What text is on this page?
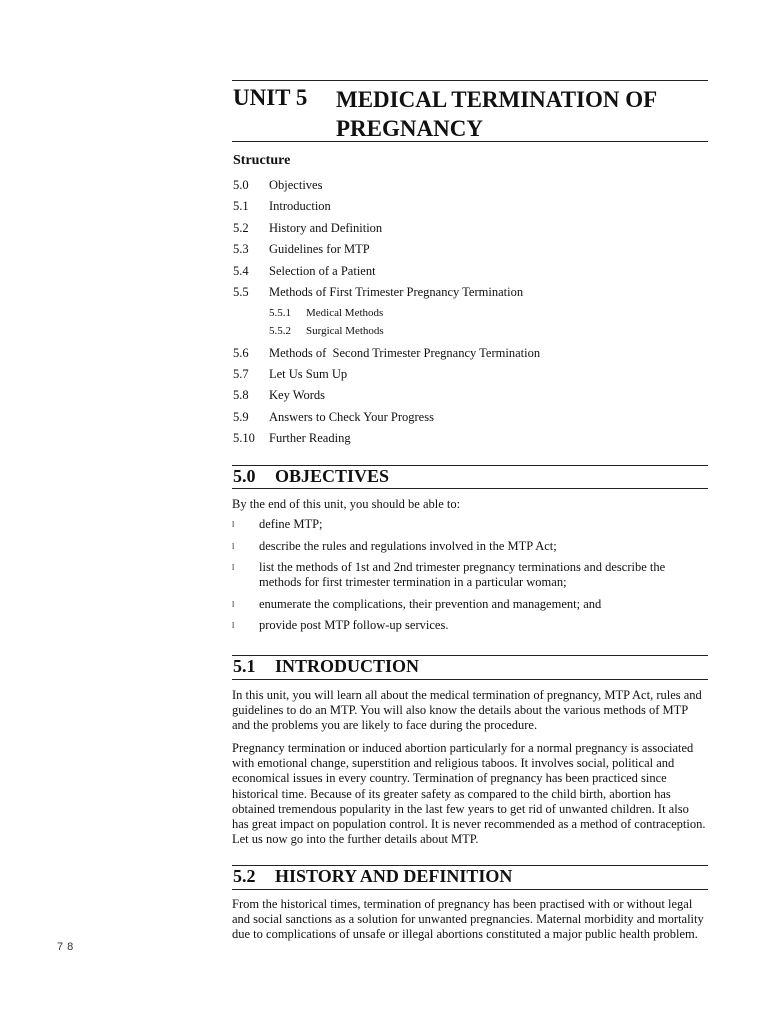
UNIT 5 MEDICAL TERMINATION OF PREGNANCY
Structure
5.0 Objectives
5.1 Introduction
5.2 History and Definition
5.3 Guidelines for MTP
5.4 Selection of a Patient
5.5 Methods of First Trimester Pregnancy Termination
5.5.1 Medical Methods
5.5.2 Surgical Methods
5.6 Methods of  Second Trimester Pregnancy Termination
5.7 Let Us Sum Up
5.8 Key Words
5.9 Answers to Check Your Progress
5.10 Further Reading
5.0 OBJECTIVES

By the end of this unit, you should be able to:

l define MTP;
l describe the rules and regulations involved in the MTP Act;
l list the methods of 1st and 2nd trimester pregnancy terminations and describe the methods for first trimester termination in a particular woman;
l enumerate the complications, their prevention and management; and
l provide post MTP follow-up services.
5.1 INTRODUCTION

In this unit, you will learn all about the medical termination of pregnancy, MTP Act, rules and guidelines to do an MTP. You will also know the details about the various methods of MTP and the problems you are likely to face during the procedure.

Pregnancy termination or induced abortion particularly for a normal pregnancy is associated with emotional change, superstition and religious taboos. It involves social, political and economical issues in every country. Termination of pregnancy has been practiced since historical time. Because of its greater safety as compared to the child birth, abortion has obtained tremendous popularity in the last few years to get rid of unwanted children. It also has great impact on population control. It is never recommended as a method of contraception. Let us now go into the further details about MTP.

5.2 HISTORY AND DEFINITION

From the historical times, termination of pregnancy has been practised with or without legal and social sanctions as a solution for unwanted pregnancies. Maternal morbidity and mortality due to complications of unsafe or illegal abortions constituted a major public health problem.

78
